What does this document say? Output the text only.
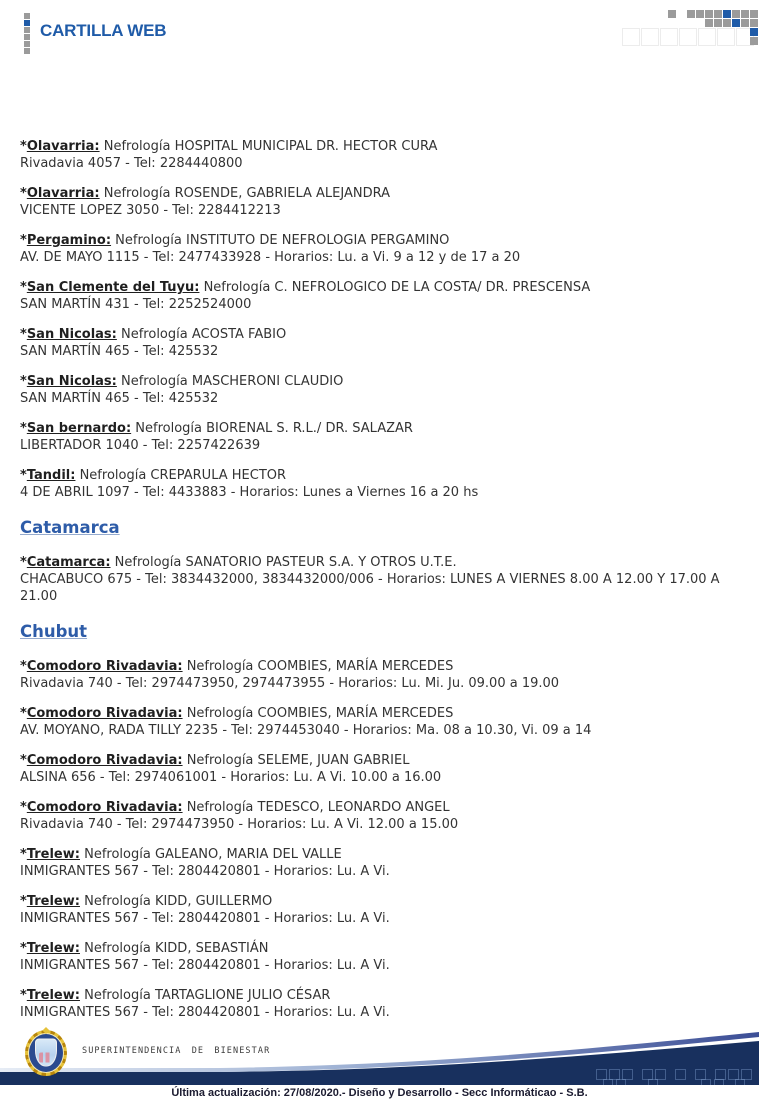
CARTILLA WEB

*Olavarria: Nefrología HOSPITAL MUNICIPAL DR. HECTOR CURA
Rivadavia 4057 - Tel: 2284440800

*Olavarria: Nefrología ROSENDE, GABRIELA ALEJANDRA
VICENTE LOPEZ 3050 - Tel: 2284412213

*Pergamino: Nefrología INSTITUTO DE NEFROLOGIA PERGAMINO
AV. DE MAYO 1115 - Tel: 2477433928 - Horarios: Lu. a Vi. 9 a 12 y de 17 a 20

*San Clemente del Tuyu: Nefrología C. NEFROLOGICO DE LA COSTA/ DR. PRESCENSA
SAN MARTÍN 431 - Tel: 2252524000

*San Nicolas: Nefrología ACOSTA FABIO
SAN MARTÍN 465 - Tel: 425532

*San Nicolas: Nefrología MASCHERONI CLAUDIO
SAN MARTÍN 465 - Tel: 425532

*San bernardo: Nefrología BIORENAL S. R.L./ DR. SALAZAR
LIBERTADOR 1040 - Tel: 2257422639

*Tandil: Nefrología CREPARULA HECTOR
4 DE ABRIL 1097 - Tel: 4433883 - Horarios: Lunes a Viernes 16 a 20 hs

Catamarca

*Catamarca: Nefrología SANATORIO PASTEUR S.A. Y OTROS U.T.E.
CHACABUCO 675 - Tel: 3834432000, 3834432000/006 - Horarios: LUNES A VIERNES 8.00 A 12.00 Y 17.00 A 21.00

Chubut

*Comodoro Rivadavia: Nefrología COOMBIES, MARÍA MERCEDES
Rivadavia 740 - Tel: 2974473950, 2974473955 - Horarios: Lu. Mi. Ju. 09.00 a 19.00

*Comodoro Rivadavia: Nefrología COOMBIES, MARÍA MERCEDES
AV. MOYANO, RADA TILLY 2235 - Tel: 2974453040 - Horarios: Ma. 08 a 10.30, Vi. 09 a 14

*Comodoro Rivadavia: Nefrología SELEME, JUAN GABRIEL
ALSINA 656 - Tel: 2974061001 - Horarios: Lu. A Vi. 10.00 a 16.00

*Comodoro Rivadavia: Nefrología TEDESCO, LEONARDO ANGEL
Rivadavia 740 - Tel: 2974473950 - Horarios: Lu. A Vi. 12.00 a 15.00

*Trelew: Nefrología GALEANO, MARIA DEL VALLE
INMIGRANTES 567 - Tel: 2804420801 - Horarios: Lu. A Vi.

*Trelew: Nefrología KIDD, GUILLERMO
INMIGRANTES 567 - Tel: 2804420801 - Horarios: Lu. A Vi.

*Trelew: Nefrología KIDD, SEBASTIÁN
INMIGRANTES 567 - Tel: 2804420801 - Horarios: Lu. A Vi.

*Trelew: Nefrología TARTAGLIONE JULIO CÉSAR
INMIGRANTES 567 - Tel: 2804420801 - Horarios: Lu. A Vi.

SUPERINTENDENCIA DE BIENESTAR
Última actualización: 27/08/2020.- Diseño y Desarrollo - Secc Informáticao - S.B.
